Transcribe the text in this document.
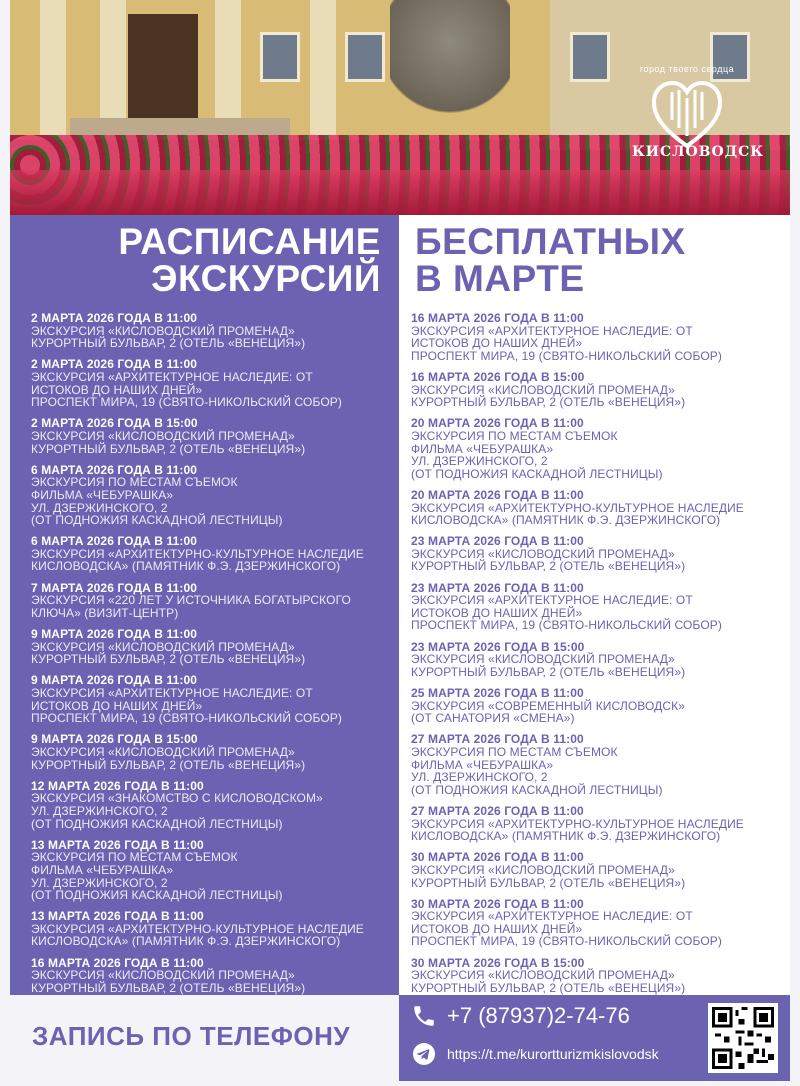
город твоего сердца
КИСЛОВОДСК
РАСПИСАНИЕ
ЭКСКУРСИЙ
2 МАРТА 2026 ГОДА В 11:00
ЭКСКУРСИЯ «КИСЛОВОДСКИЙ ПРОМЕНАД»
КУРОРТНЫЙ БУЛЬВАР, 2 (ОТЕЛЬ «ВЕНЕЦИЯ»)
2 МАРТА 2026 ГОДА В 11:00
ЭКСКУРСИЯ «АРХИТЕКТУРНОЕ НАСЛЕДИЕ: ОТ
ИСТОКОВ ДО НАШИХ ДНЕЙ»
ПРОСПЕКТ МИРА, 19 (СВЯТО-НИКОЛЬСКИЙ СОБОР)
2 МАРТА 2026 ГОДА В 15:00
ЭКСКУРСИЯ «КИСЛОВОДСКИЙ ПРОМЕНАД»
КУРОРТНЫЙ БУЛЬВАР, 2 (ОТЕЛЬ «ВЕНЕЦИЯ»)
6 МАРТА 2026 ГОДА В 11:00
ЭКСКУРСИЯ ПО МЕСТАМ СЪЕМОК
ФИЛЬМА «ЧЕБУРАШКА»
УЛ. ДЗЕРЖИНСКОГО, 2
(ОТ ПОДНОЖИЯ КАСКАДНОЙ ЛЕСТНИЦЫ)
6 МАРТА 2026 ГОДА В 11:00
ЭКСКУРСИЯ «АРХИТЕКТУРНО-КУЛЬТУРНОЕ НАСЛЕДИЕ
КИСЛОВОДСКА» (ПАМЯТНИК Ф.Э. ДЗЕРЖИНСКОГО)
7 МАРТА 2026 ГОДА В 11:00
ЭКСКУРСИЯ «220 ЛЕТ У ИСТОЧНИКА БОГАТЫРСКОГО
КЛЮЧА» (ВИЗИТ-ЦЕНТР)
9 МАРТА 2026 ГОДА В 11:00
ЭКСКУРСИЯ «КИСЛОВОДСКИЙ ПРОМЕНАД»
КУРОРТНЫЙ БУЛЬВАР, 2 (ОТЕЛЬ «ВЕНЕЦИЯ»)
9 МАРТА 2026 ГОДА В 11:00
ЭКСКУРСИЯ «АРХИТЕКТУРНОЕ НАСЛЕДИЕ: ОТ
ИСТОКОВ ДО НАШИХ ДНЕЙ»
ПРОСПЕКТ МИРА, 19 (СВЯТО-НИКОЛЬСКИЙ СОБОР)
9 МАРТА 2026 ГОДА В 15:00
ЭКСКУРСИЯ «КИСЛОВОДСКИЙ ПРОМЕНАД»
КУРОРТНЫЙ БУЛЬВАР, 2 (ОТЕЛЬ «ВЕНЕЦИЯ»)
12 МАРТА 2026 ГОДА В 11:00
ЭКСКУРСИЯ «ЗНАКОМСТВО С КИСЛОВОДСКОМ»
УЛ. ДЗЕРЖИНСКОГО, 2
(ОТ ПОДНОЖИЯ КАСКАДНОЙ ЛЕСТНИЦЫ)
13 МАРТА 2026 ГОДА В 11:00
ЭКСКУРСИЯ ПО МЕСТАМ СЪЕМОК
ФИЛЬМА «ЧЕБУРАШКА»
УЛ. ДЗЕРЖИНСКОГО, 2
(ОТ ПОДНОЖИЯ КАСКАДНОЙ ЛЕСТНИЦЫ)
13 МАРТА 2026 ГОДА В 11:00
ЭКСКУРСИЯ «АРХИТЕКТУРНО-КУЛЬТУРНОЕ НАСЛЕДИЕ
КИСЛОВОДСКА» (ПАМЯТНИК Ф.Э. ДЗЕРЖИНСКОГО)
16 МАРТА 2026 ГОДА В 11:00
ЭКСКУРСИЯ «КИСЛОВОДСКИЙ ПРОМЕНАД»
КУРОРТНЫЙ БУЛЬВАР, 2 (ОТЕЛЬ «ВЕНЕЦИЯ»)
БЕСПЛАТНЫХ
В МАРТЕ
16 МАРТА 2026 ГОДА В 11:00
ЭКСКУРСИЯ «АРХИТЕКТУРНОЕ НАСЛЕДИЕ: ОТ
ИСТОКОВ ДО НАШИХ ДНЕЙ»
ПРОСПЕКТ МИРА, 19 (СВЯТО-НИКОЛЬСКИЙ СОБОР)
16 МАРТА 2026 ГОДА В 15:00
ЭКСКУРСИЯ «КИСЛОВОДСКИЙ ПРОМЕНАД»
КУРОРТНЫЙ БУЛЬВАР, 2 (ОТЕЛЬ «ВЕНЕЦИЯ»)
20 МАРТА 2026 ГОДА В 11:00
ЭКСКУРСИЯ ПО МЕСТАМ СЪЕМОК
ФИЛЬМА «ЧЕБУРАШКА»
УЛ. ДЗЕРЖИНСКОГО, 2
(ОТ ПОДНОЖИЯ КАСКАДНОЙ ЛЕСТНИЦЫ)
20 МАРТА 2026 ГОДА В 11:00
ЭКСКУРСИЯ «АРХИТЕКТУРНО-КУЛЬТУРНОЕ НАСЛЕДИЕ
КИСЛОВОДСКА» (ПАМЯТНИК Ф.Э. ДЗЕРЖИНСКОГО)
23 МАРТА 2026 ГОДА В 11:00
ЭКСКУРСИЯ «КИСЛОВОДСКИЙ ПРОМЕНАД»
КУРОРТНЫЙ БУЛЬВАР, 2 (ОТЕЛЬ «ВЕНЕЦИЯ»)
23 МАРТА 2026 ГОДА В 11:00
ЭКСКУРСИЯ «АРХИТЕКТУРНОЕ НАСЛЕДИЕ: ОТ
ИСТОКОВ ДО НАШИХ ДНЕЙ»
ПРОСПЕКТ МИРА, 19 (СВЯТО-НИКОЛЬСКИЙ СОБОР)
23 МАРТА 2026 ГОДА В 15:00
ЭКСКУРСИЯ «КИСЛОВОДСКИЙ ПРОМЕНАД»
КУРОРТНЫЙ БУЛЬВАР, 2 (ОТЕЛЬ «ВЕНЕЦИЯ»)
25 МАРТА 2026 ГОДА В 11:00
ЭКСКУРСИЯ «СОВРЕМЕННЫЙ КИСЛОВОДСК»
(ОТ САНАТОРИЯ «СМЕНА»)
27 МАРТА 2026 ГОДА В 11:00
ЭКСКУРСИЯ ПО МЕСТАМ СЪЕМОК
ФИЛЬМА «ЧЕБУРАШКА»
УЛ. ДЗЕРЖИНСКОГО, 2
(ОТ ПОДНОЖИЯ КАСКАДНОЙ ЛЕСТНИЦЫ)
27 МАРТА 2026 ГОДА В 11:00
ЭКСКУРСИЯ «АРХИТЕКТУРНО-КУЛЬТУРНОЕ НАСЛЕДИЕ
КИСЛОВОДСКА» (ПАМЯТНИК Ф.Э. ДЗЕРЖИНСКОГО)
30 МАРТА 2026 ГОДА В 11:00
ЭКСКУРСИЯ «КИСЛОВОДСКИЙ ПРОМЕНАД»
КУРОРТНЫЙ БУЛЬВАР, 2 (ОТЕЛЬ «ВЕНЕЦИЯ»)
30 МАРТА 2026 ГОДА В 11:00
ЭКСКУРСИЯ «АРХИТЕКТУРНОЕ НАСЛЕДИЕ: ОТ
ИСТОКОВ ДО НАШИХ ДНЕЙ»
ПРОСПЕКТ МИРА, 19 (СВЯТО-НИКОЛЬСКИЙ СОБОР)
30 МАРТА 2026 ГОДА В 15:00
ЭКСКУРСИЯ «КИСЛОВОДСКИЙ ПРОМЕНАД»
КУРОРТНЫЙ БУЛЬВАР, 2 (ОТЕЛЬ «ВЕНЕЦИЯ»)
ЗАПИСЬ ПО ТЕЛЕФОНУ
+7 (87937)2-74-76
https://t.me/kurortturizmkislovodsk
